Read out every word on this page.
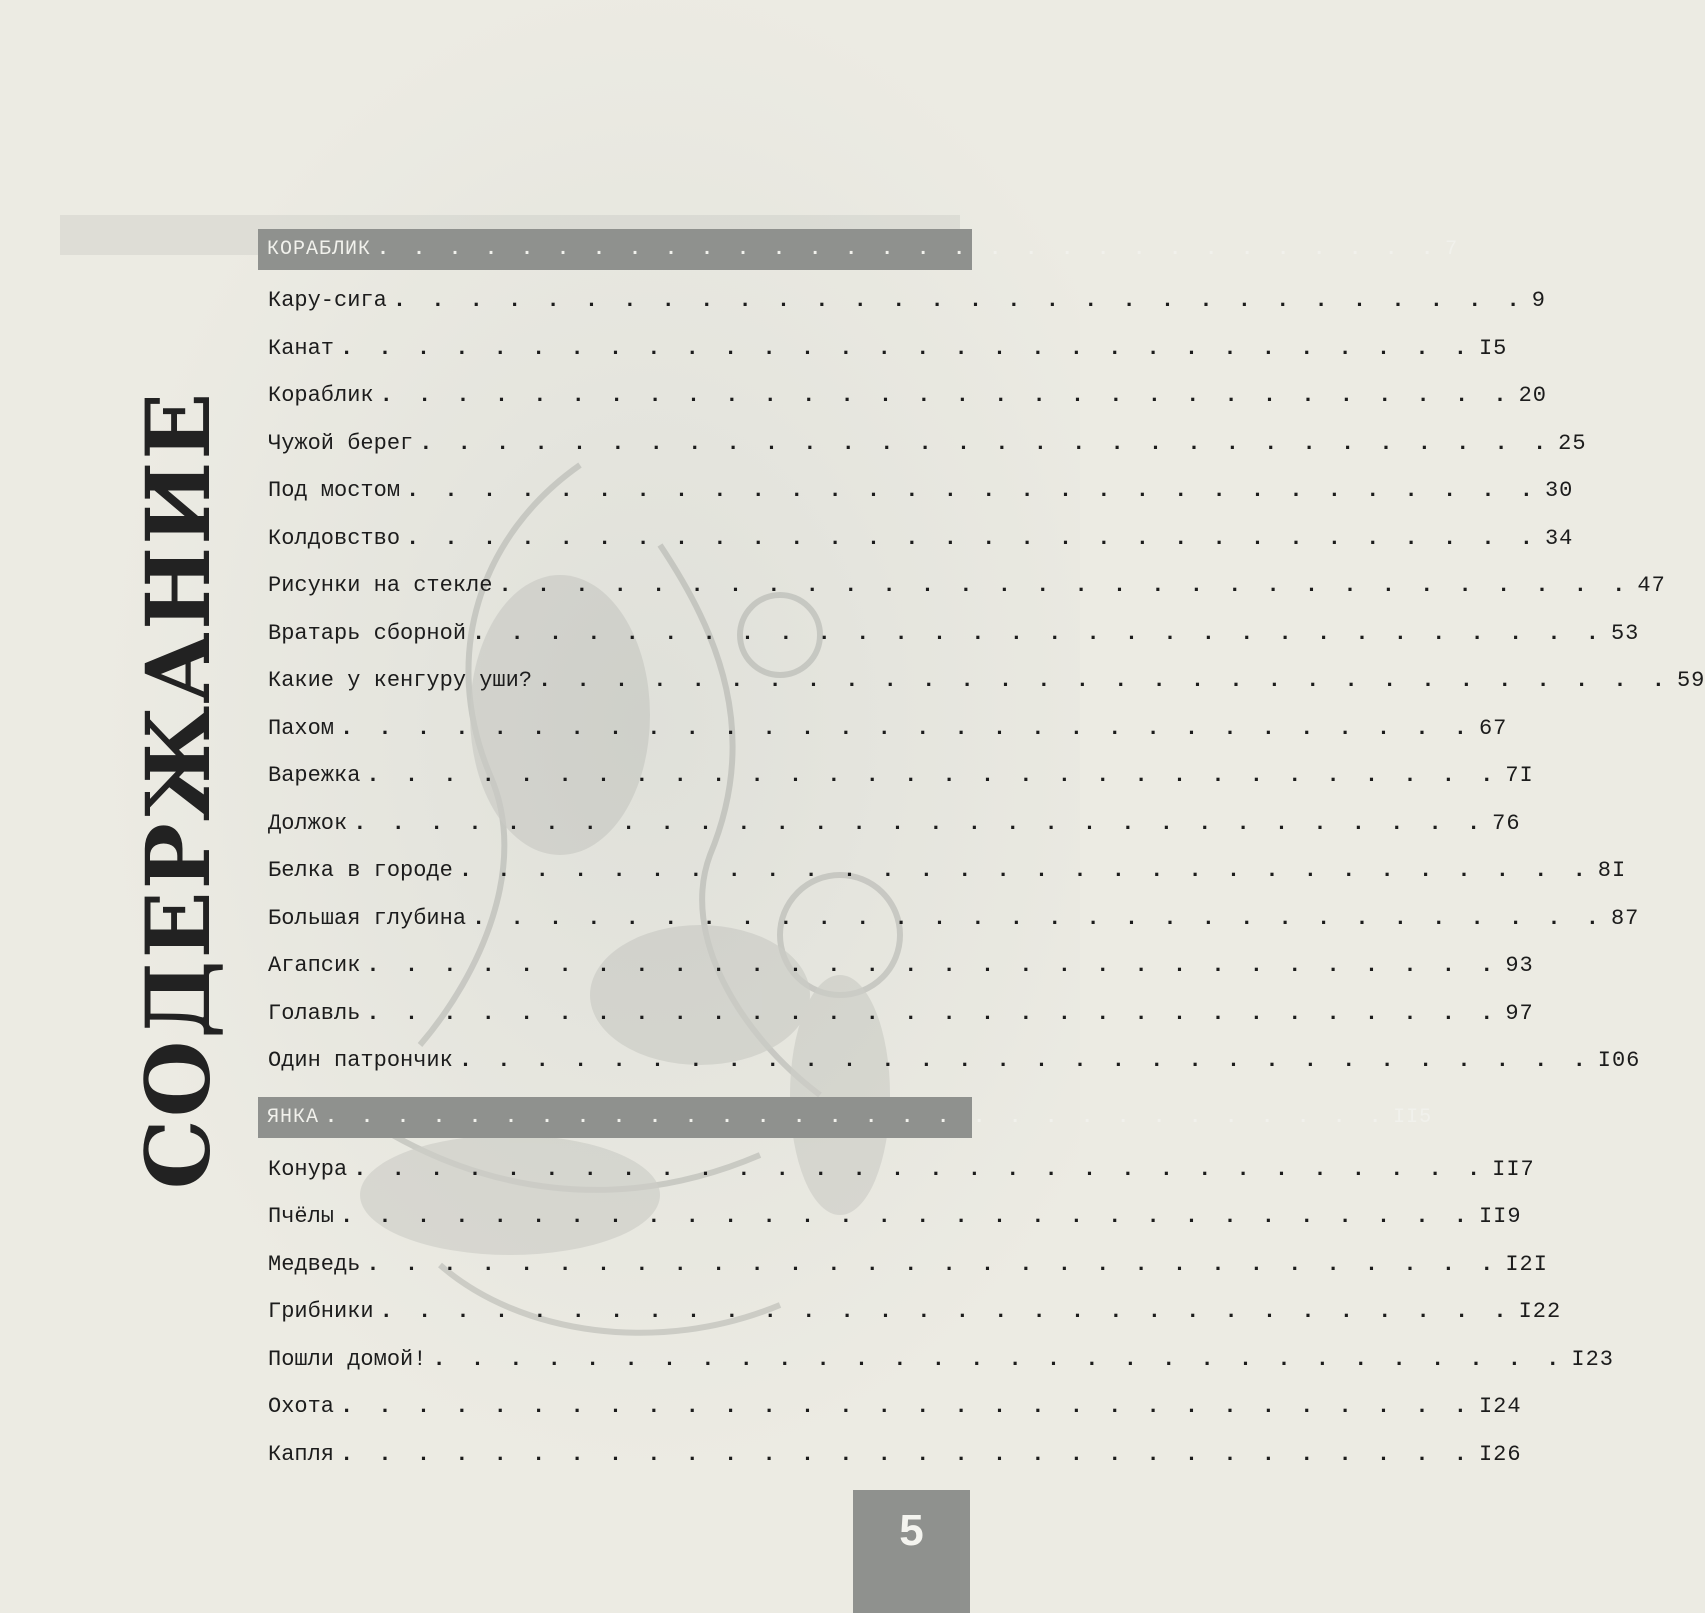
СОДЕРЖАНИЕ
КОРАБЛИК . . . . . . . . . . . . . . . . . . . . . . . . . . . . . . 7
Кару-сига . . . . . . . . . . . . . . . . . . . . . . . . . . . . . . 9
Канат . . . . . . . . . . . . . . . . . . . . . . . . . . . . . . I5
Кораблик . . . . . . . . . . . . . . . . . . . . . . . . . . . . . . 20
Чужой берег . . . . . . . . . . . . . . . . . . . . . . . . . . . . . . 25
Под мостом . . . . . . . . . . . . . . . . . . . . . . . . . . . . . . 30
Колдовство . . . . . . . . . . . . . . . . . . . . . . . . . . . . . . 34
Рисунки на стекле . . . . . . . . . . . . . . . . . . . . . . . . . . . . . . 47
Вратарь сборной . . . . . . . . . . . . . . . . . . . . . . . . . . . . . . 53
Какие у кенгуру уши? . . . . . . . . . . . . . . . . . . . . . . . . . . . . . . 59
Пахом . . . . . . . . . . . . . . . . . . . . . . . . . . . . . . 67
Варежка . . . . . . . . . . . . . . . . . . . . . . . . . . . . . . 7I
Должок . . . . . . . . . . . . . . . . . . . . . . . . . . . . . . 76
Белка в городе . . . . . . . . . . . . . . . . . . . . . . . . . . . . . . 8I
Большая глубина . . . . . . . . . . . . . . . . . . . . . . . . . . . . . . 87
Агапсик . . . . . . . . . . . . . . . . . . . . . . . . . . . . . . 93
Голавль . . . . . . . . . . . . . . . . . . . . . . . . . . . . . . 97
Один патрончик . . . . . . . . . . . . . . . . . . . . . . . . . . . . . . I06
ЯНКА . . . . . . . . . . . . . . . . . . . . . . . . . . . . . . II5
Конура . . . . . . . . . . . . . . . . . . . . . . . . . . . . . . II7
Пчёлы . . . . . . . . . . . . . . . . . . . . . . . . . . . . . . II9
Медведь . . . . . . . . . . . . . . . . . . . . . . . . . . . . . . I2I
Грибники . . . . . . . . . . . . . . . . . . . . . . . . . . . . . . I22
Пошли домой! . . . . . . . . . . . . . . . . . . . . . . . . . . . . . . I23
Охота . . . . . . . . . . . . . . . . . . . . . . . . . . . . . . I24
Капля . . . . . . . . . . . . . . . . . . . . . . . . . . . . . . I26
5
